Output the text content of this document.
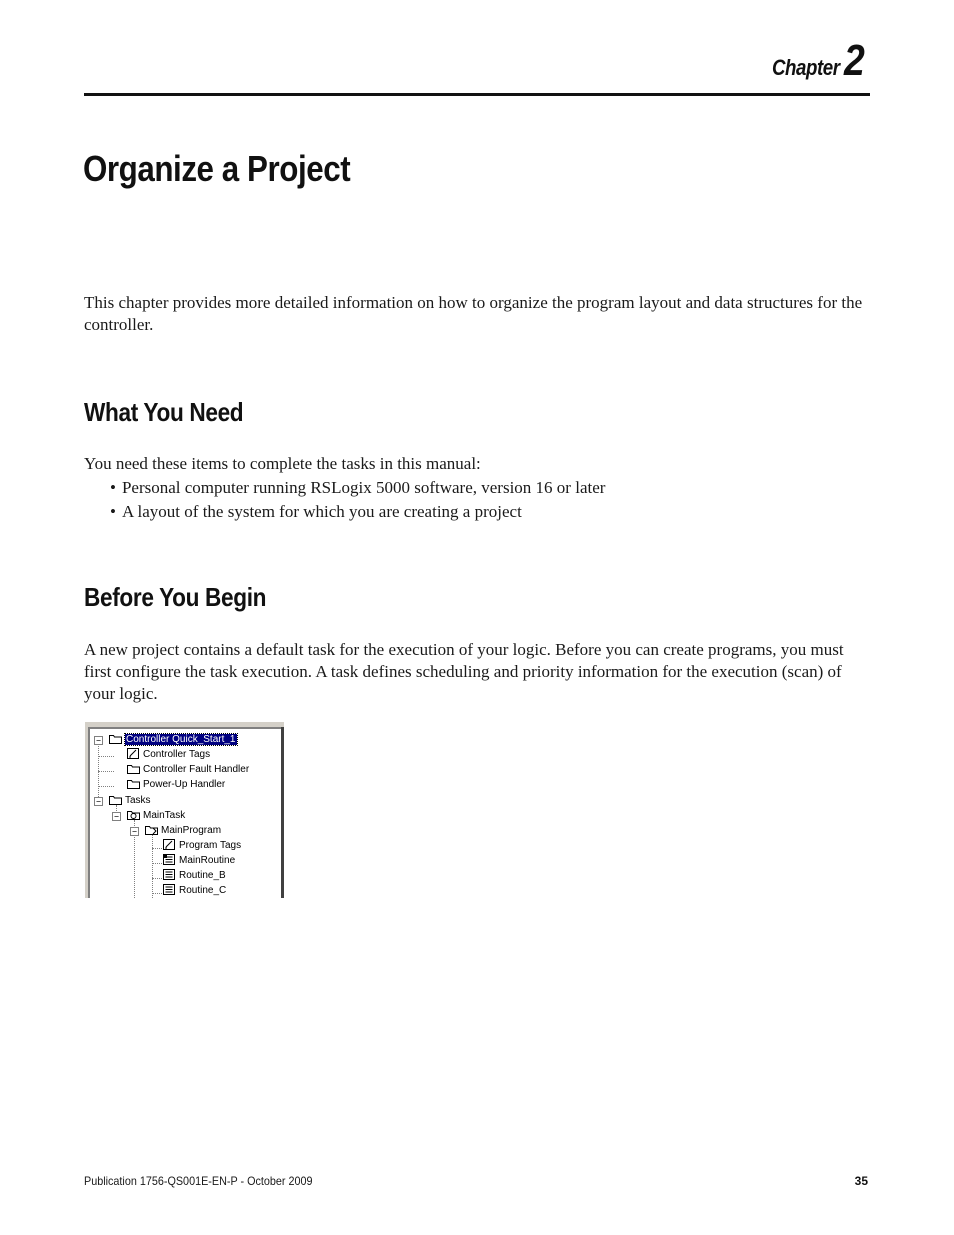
Chapter2
Organize a Project

This chapter provides more detailed information on how to organize the program layout and data structures for the controller.

What You Need

You need these items to complete the tasks in this manual:

• Personal computer running RSLogix 5000 software, version 16 or later
• A layout of the system for which you are creating a project
Before You Begin

A new project contains a default task for the execution of your logic. Before you can create programs, you must first configure the task execution. A task defines scheduling and priority information for the execution (scan) of your logic.

−
−
−
−
Controller Quick_Start_1
Controller Tags
Controller Fault Handler
Power-Up Handler
Tasks
MainTask
MainProgram
Program Tags
MainRoutine
Routine_B
Routine_C
Publication 1756-QS001E-EN-P - October 2009	35
